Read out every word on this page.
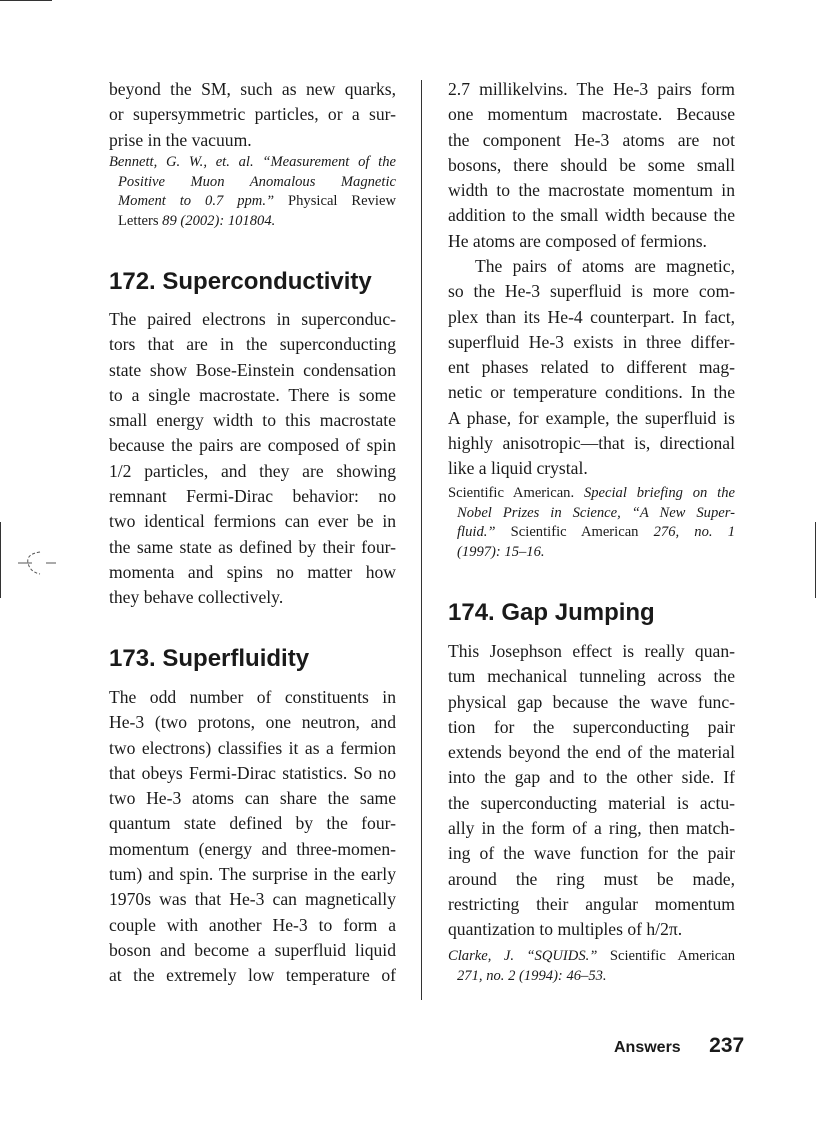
beyond the SM, such as new quarks,
or supersymmetric particles, or a sur-
prise in the vacuum.
Bennett, G. W., et. al. “Measurement of the
Positive Muon Anomalous Magnetic
Moment to 0.7 ppm.” Physical Review
Letters 89 (2002): 101804.
172. Superconductivity
The paired electrons in superconduc-
tors that are in the superconducting
state show Bose-Einstein condensation
to a single macrostate. There is some
small energy width to this macrostate
because the pairs are composed of spin
1/2 particles, and they are showing
remnant Fermi-Dirac behavior: no
two identical fermions can ever be in
the same state as defined by their four-
momenta and spins no matter how
they behave collectively.
173. Superfluidity
The odd number of constituents in
He-3 (two protons, one neutron, and
two electrons) classifies it as a fermion
that obeys Fermi-Dirac statistics. So no
two He-3 atoms can share the same
quantum state defined by the four-
momentum (energy and three-momen-
tum) and spin. The surprise in the early
1970s was that He-3 can magnetically
couple with another He-3 to form a
boson and become a superfluid liquid
at the extremely low temperature of
2.7 millikelvins. The He-3 pairs form
one momentum macrostate. Because
the component He-3 atoms are not
bosons, there should be some small
width to the macrostate momentum in
addition to the small width because the
He atoms are composed of fermions.
The pairs of atoms are magnetic,
so the He-3 superfluid is more com-
plex than its He-4 counterpart. In fact,
superfluid He-3 exists in three differ-
ent phases related to different mag-
netic or temperature conditions. In the
A phase, for example, the superfluid is
highly anisotropic—that is, directional
like a liquid crystal.
Scientific American. Special briefing on the
Nobel Prizes in Science, “A New Super-
fluid.” Scientific American 276, no. 1
(1997): 15–16.
174. Gap Jumping
This Josephson effect is really quan-
tum mechanical tunneling across the
physical gap because the wave func-
tion for the superconducting pair
extends beyond the end of the material
into the gap and to the other side. If
the superconducting material is actu-
ally in the form of a ring, then match-
ing of the wave function for the pair
around the ring must be made,
restricting their angular momentum
quantization to multiples of h/2π.
Clarke, J. “SQUIDS.” Scientific American
271, no. 2 (1994): 46–53.
Answers 237
